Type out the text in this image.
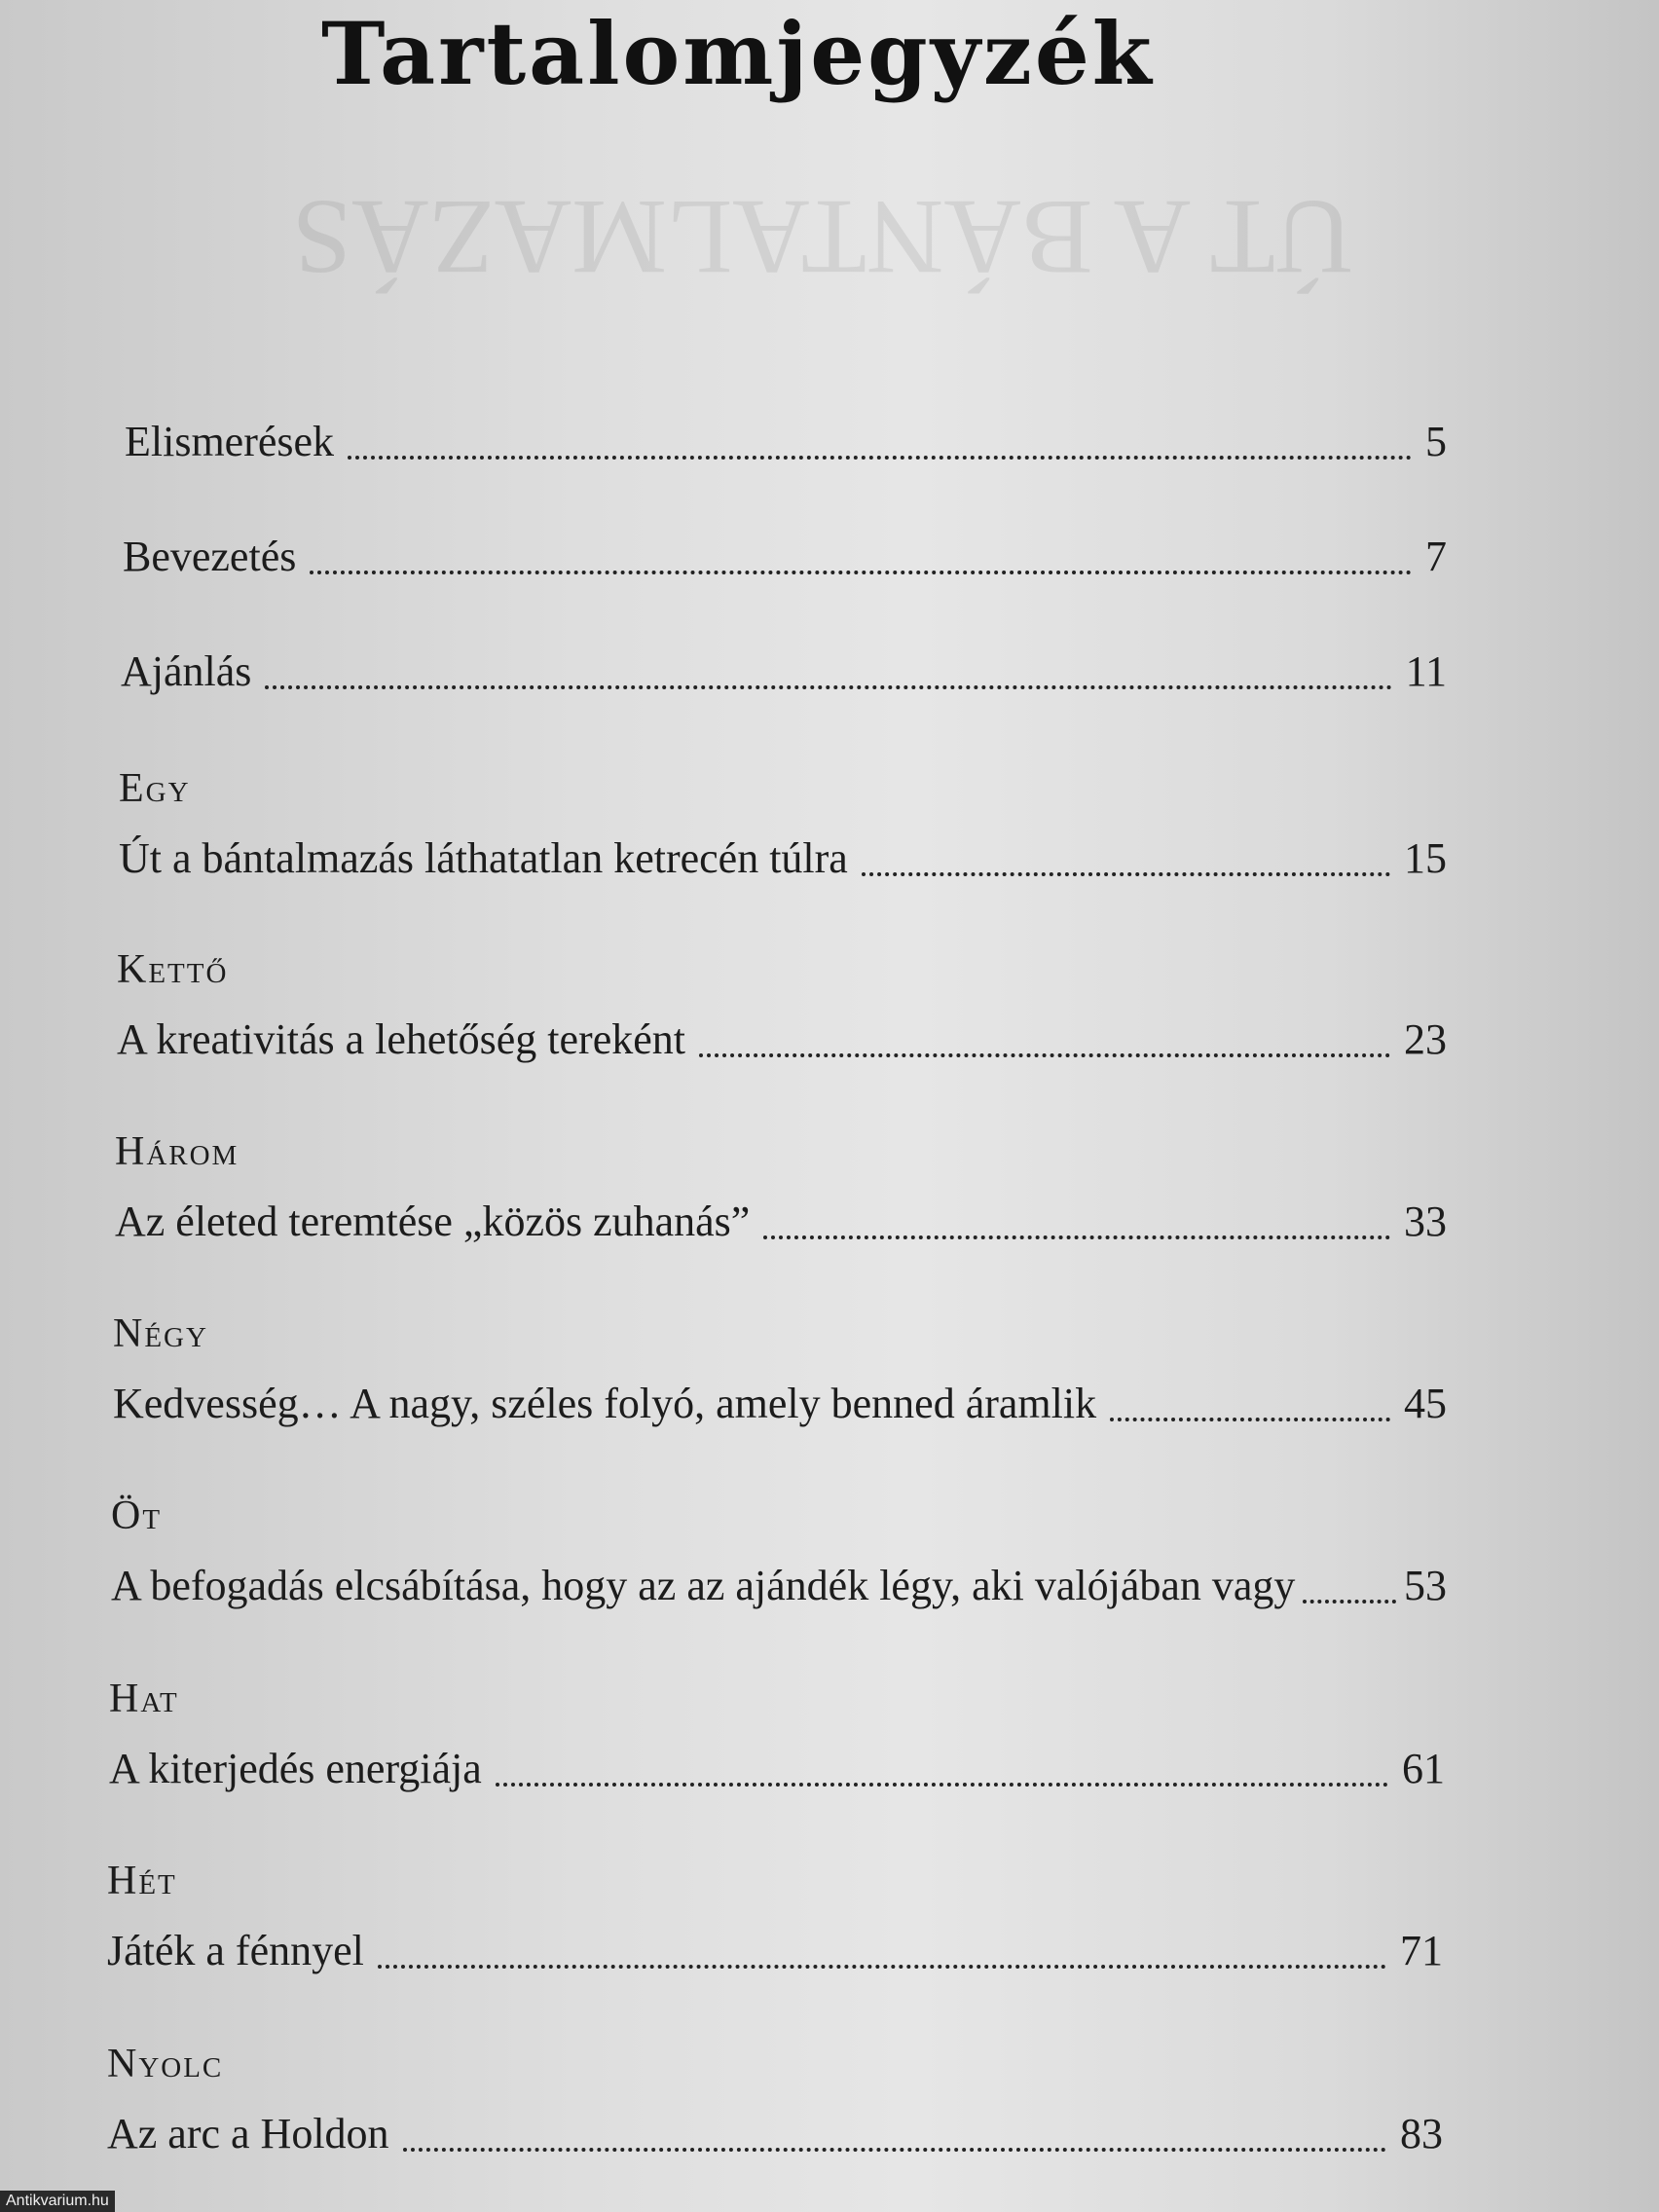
ÚT A BÁNTALMAZÁS
Tartalomjegyzék
Elismerések	5
Bevezetés	7
Ajánlás	11
Egy
Út a bántalmazás láthatatlan ketrecén túlra	15
Kettő
A kreativitás a lehetőség tereként	23
Három
Az életed teremtése „közös zuhanás”	33
Négy
Kedvesség… A nagy, széles folyó, amely benned áramlik	45
Öt
A befogadás elcsábítása, hogy az az ajándék légy, aki valójában vagy	53
Hat
A kiterjedés energiája	61
Hét
Játék a fénnyel	71
Nyolc
Az arc a Holdon	83
Antikvarium.hu
